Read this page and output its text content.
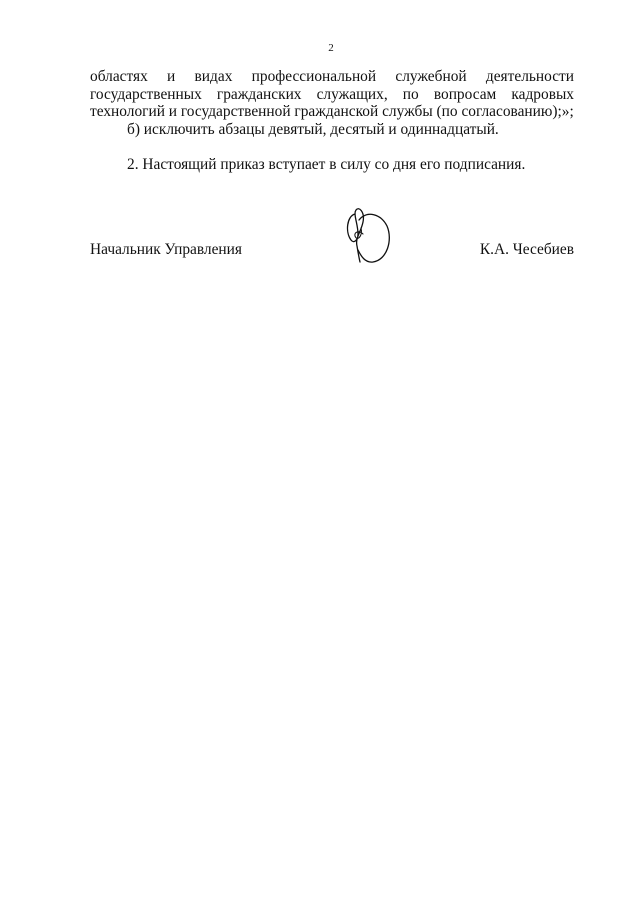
2
областях и видах профессиональной служебной деятельности
государственных гражданских служащих, по вопросам кадровых
технологий и государственной гражданской службы (по согласованию);»;
б) исключить абзацы девятый, десятый и одиннадцатый.
2. Настоящий приказ вступает в силу со дня его подписания.
Начальник Управления	К.А. Чесебиев
